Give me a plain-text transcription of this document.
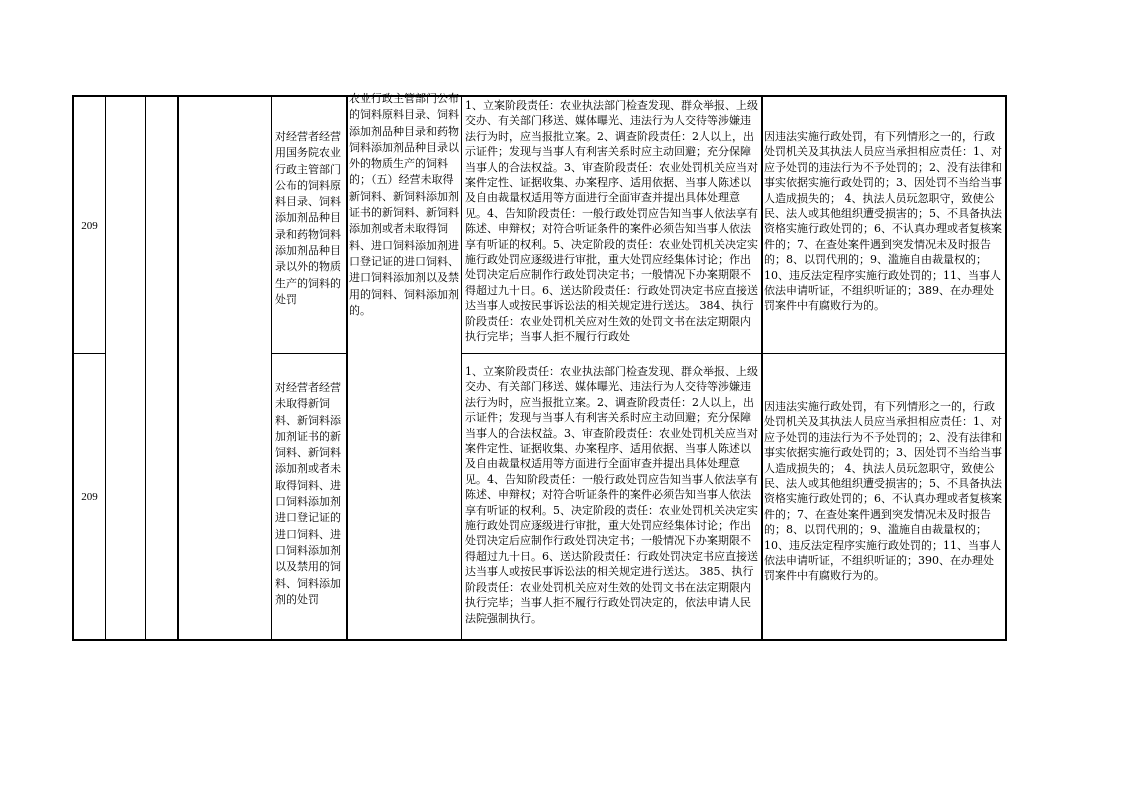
209
对经营者经营用国务院农业行政主管部门公布的饲料原料目录、饲料添加剂品种目录和药物饲料添加剂品种目录以外的物质生产的饲料的处罚
农业行政主管部门公布的饲料原料目录、饲料添加剂品种目录和药物饲料添加剂品种目录以外的物质生产的饲料的；（五）经营未取得新饲料、新饲料添加剂证书的新饲料、新饲料添加剂或者未取得饲料、进口饲料添加剂进口登记证的进口饲料、进口饲料添加剂以及禁用的饲料、饲料添加剂的。
1、立案阶段责任：农业执法部门检查发现、群众举报、上级交办、有关部门移送、媒体曝光、违法行为人交待等涉嫌违法行为时，应当报批立案。2、调查阶段责任：2人以上，出示证件；发现与当事人有利害关系时应主动回避；充分保障当事人的合法权益。3、审查阶段责任：农业处罚机关应当对案件定性、证据收集、办案程序、适用依据、当事人陈述以及自由裁量权适用等方面进行全面审查并提出具体处理意见。4、告知阶段责任：一般行政处罚应告知当事人依法享有陈述、申辩权；对符合听证条件的案件必须告知当事人依法享有听证的权利。5、决定阶段的责任：农业处罚机关决定实施行政处罚应逐级进行审批，重大处罚应经集体讨论；作出处罚决定后应制作行政处罚决定书；一般情况下办案期限不得超过九十日。6、送达阶段责任：行政处罚决定书应直接送达当事人或按民事诉讼法的相关规定进行送达。 384、执行阶段责任：农业处罚机关应对生效的处罚文书在法定期限内执行完毕；当事人拒不履行行政处
因违法实施行政处罚，有下列情形之一的，行政处罚机关及其执法人员应当承担相应责任：1、对应予处罚的违法行为不予处罚的；2、没有法律和事实依据实施行政处罚的；3、因处罚不当给当事人造成损失的； 4、执法人员玩忽职守，致使公民、法人或其他组织遭受损害的；5、不具备执法资格实施行政处罚的；6、不认真办理或者复核案件的；7、在查处案件遇到突发情况未及时报告的；8、以罚代刑的；9、滥施自由裁量权的；10、违反法定程序实施行政处罚的；11、当事人依法申请听证，不组织听证的；389、在办理处罚案件中有腐败行为的。
209
对经营者经营未取得新饲料、新饲料添加剂证书的新饲料、新饲料添加剂或者未取得饲料、进口饲料添加剂进口登记证的进口饲料、进口饲料添加剂以及禁用的饲料、饲料添加剂的处罚
1、立案阶段责任：农业执法部门检查发现、群众举报、上级交办、有关部门移送、媒体曝光、违法行为人交待等涉嫌违法行为时，应当报批立案。2、调查阶段责任：2人以上，出示证件；发现与当事人有利害关系时应主动回避；充分保障当事人的合法权益。3、审查阶段责任：农业处罚机关应当对案件定性、证据收集、办案程序、适用依据、当事人陈述以及自由裁量权适用等方面进行全面审查并提出具体处理意见。4、告知阶段责任：一般行政处罚应告知当事人依法享有陈述、申辩权；对符合听证条件的案件必须告知当事人依法享有听证的权利。5、决定阶段的责任：农业处罚机关决定实施行政处罚应逐级进行审批，重大处罚应经集体讨论；作出处罚决定后应制作行政处罚决定书；一般情况下办案期限不得超过九十日。6、送达阶段责任：行政处罚决定书应直接送达当事人或按民事诉讼法的相关规定进行送达。 385、执行阶段责任：农业处罚机关应对生效的处罚文书在法定期限内执行完毕；当事人拒不履行行政处罚决定的，依法申请人民法院强制执行。
因违法实施行政处罚，有下列情形之一的，行政处罚机关及其执法人员应当承担相应责任：1、对应予处罚的违法行为不予处罚的；2、没有法律和事实依据实施行政处罚的；3、因处罚不当给当事人造成损失的； 4、执法人员玩忽职守，致使公民、法人或其他组织遭受损害的；5、不具备执法资格实施行政处罚的；6、不认真办理或者复核案件的；7、在查处案件遇到突发情况未及时报告的；8、以罚代刑的；9、滥施自由裁量权的；10、违反法定程序实施行政处罚的；11、当事人依法申请听证，不组织听证的；390、在办理处罚案件中有腐败行为的。
